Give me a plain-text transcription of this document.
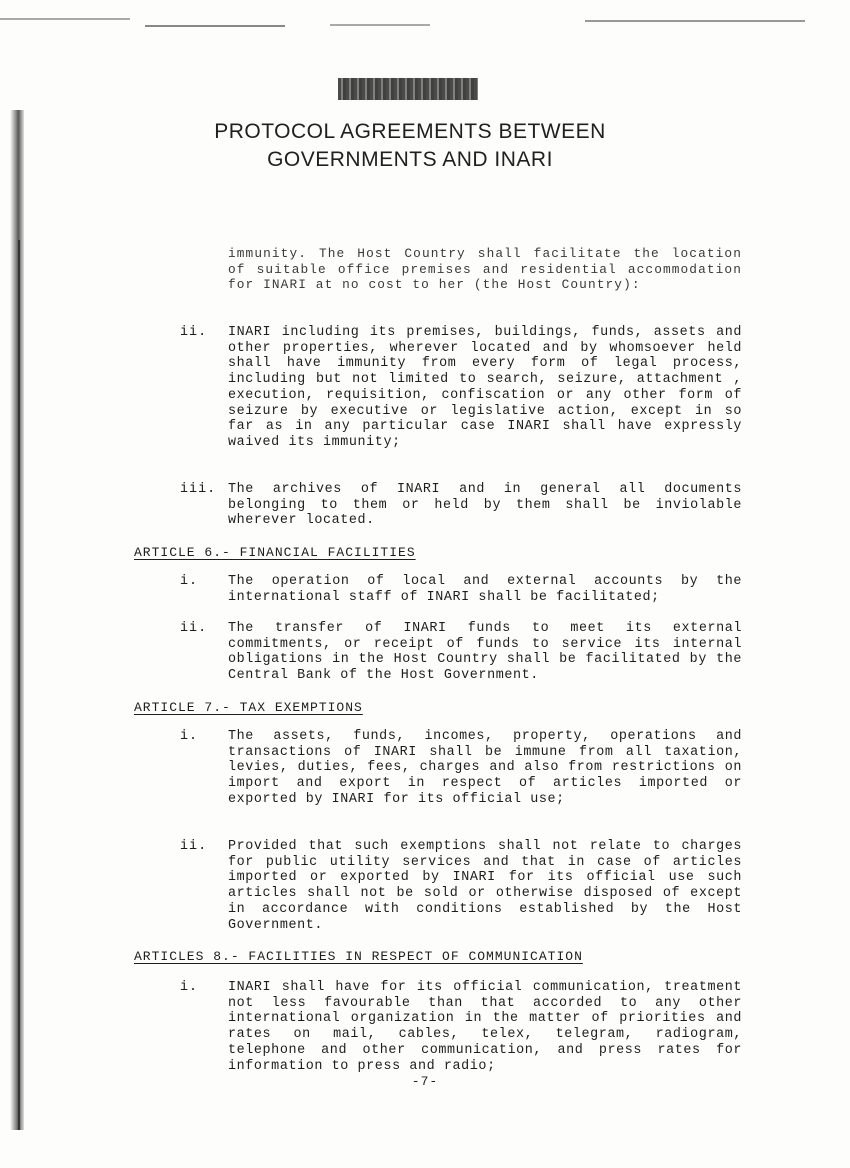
PROTOCOL AGREEMENTS BETWEEN
GOVERNMENTS AND INARI

immunity. The Host Country shall facilitate the location of suitable office premises and residential accommodation for INARI at no cost to her (the Host Country):

ii.	INARI including its premises, buildings, funds, assets and other properties, wherever located and by whomsoever held shall have immunity from every form of legal process, including but not limited to search, seizure, attachment , execution, requisition, confiscation or any other form of seizure by executive or legislative action, except in so far as in any particular case INARI shall have expressly waived its immunity;

iii. The archives of INARI and in general all documents belonging to them or held by them shall be inviolable wherever located.

ARTICLE 6.- FINANCIAL FACILITIES
i.	The operation of local and external accounts by the international staff of INARI shall be facilitated;

ii.	The transfer of INARI funds to meet its external commitments, or receipt of funds to service its internal obligations in the Host Country shall be facilitated by the Central Bank of the Host Government.

ARTICLE 7.- TAX EXEMPTIONS
i.	The assets, funds, incomes, property, operations and transactions of INARI shall be immune from all taxation, levies, duties, fees, charges and also from restrictions on import and export in respect of articles imported or exported by INARI for its official use;

ii.	Provided that such exemptions shall not relate to charges for public utility services and that in case of articles imported or exported by INARI for its official use such articles shall not be sold or otherwise disposed of except in accordance with conditions established by the Host Government.

ARTICLES 8.- FACILITIES IN RESPECT OF COMMUNICATION
i.	INARI shall have for its official communication, treatment not less favourable than that accorded to any other international organization in the matter of priorities and rates on mail, cables, telex, telegram, radiogram, telephone and other communication, and press rates for information to press and radio;

-7-
